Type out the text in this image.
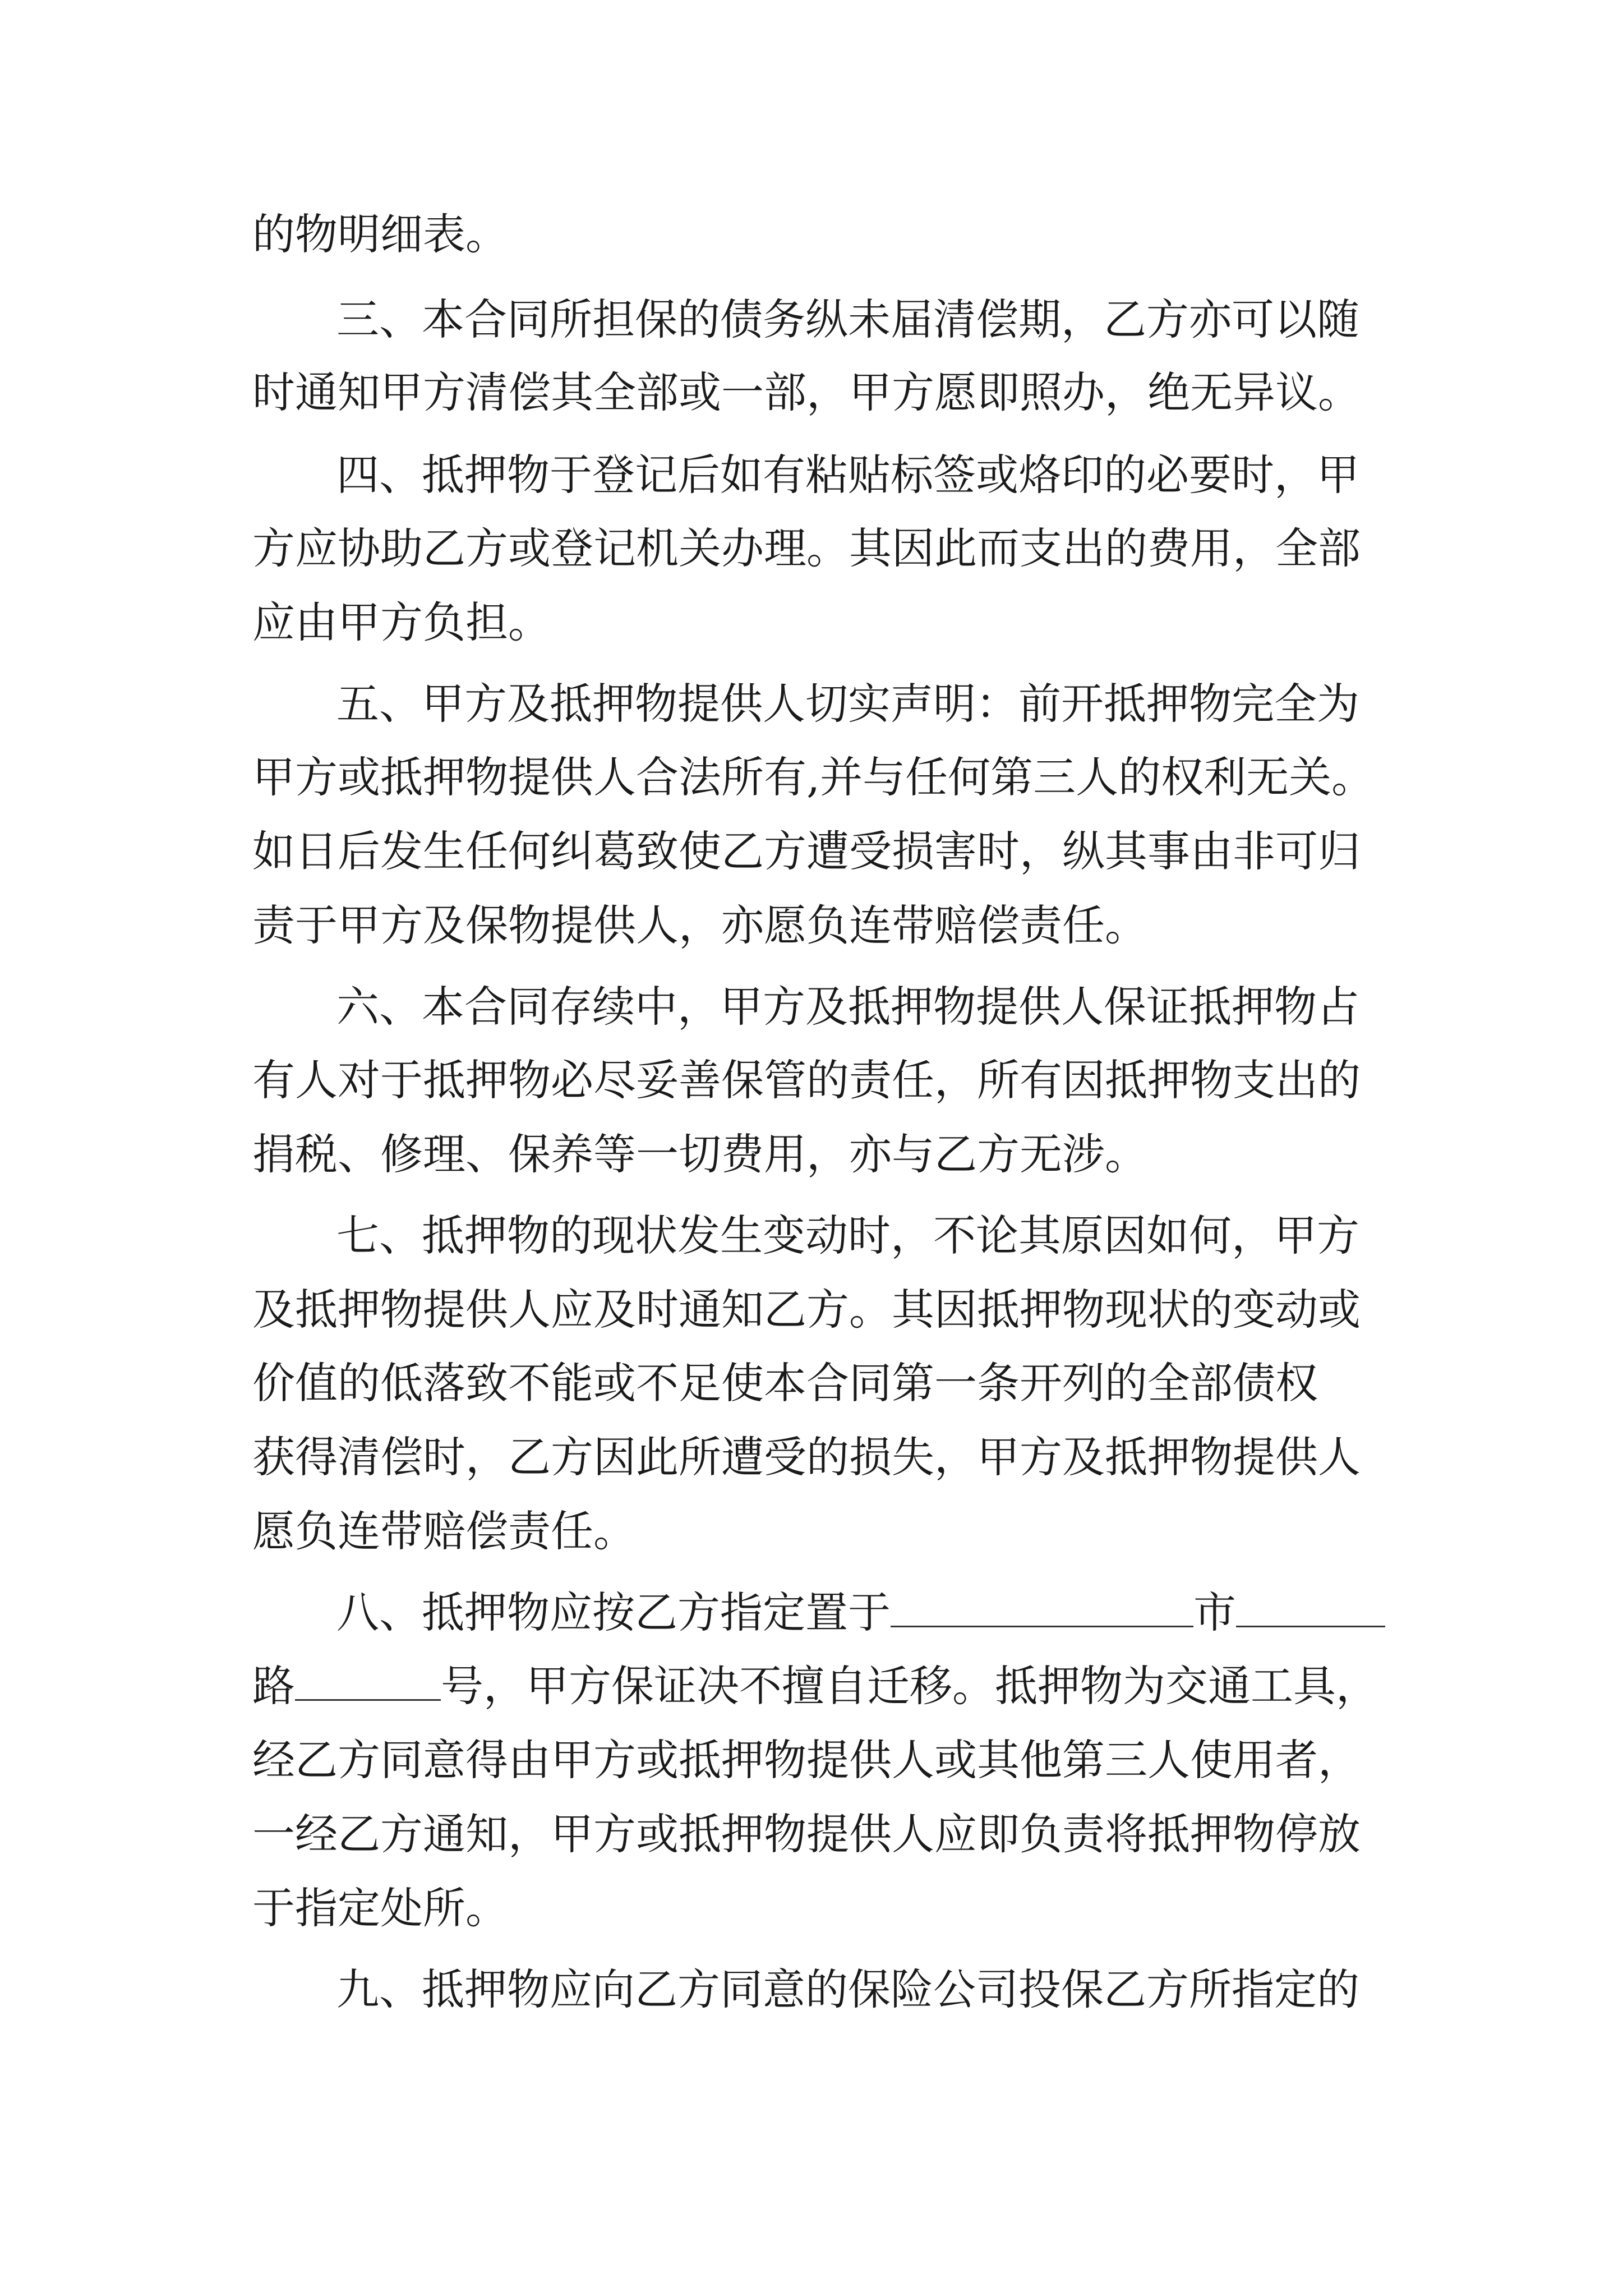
的物明细表。
三、本合同所担保的债务纵未届清偿期，乙方亦可以随
时通知甲方清偿其全部或一部，甲方愿即照办，绝无异议。
四、抵押物于登记后如有粘贴标签或烙印的必要时，甲
方应协助乙方或登记机关办理。其因此而支出的费用，全部
应由甲方负担。
五、甲方及抵押物提供人切实声明：前开抵押物完全为
甲方或抵押物提供人合法所有,并与任何第三人的权利无关。
如日后发生任何纠葛致使乙方遭受损害时，纵其事由非可归
责于甲方及保物提供人，亦愿负连带赔偿责任。
六、本合同存续中，甲方及抵押物提供人保证抵押物占
有人对于抵押物必尽妥善保管的责任，所有因抵押物支出的
捐税、修理、保养等一切费用，亦与乙方无涉。
七、抵押物的现状发生变动时，不论其原因如何，甲方
及抵押物提供人应及时通知乙方。其因抵押物现状的变动或
价值的低落致不能或不足使本合同第一条开列的全部债权
获得清偿时，乙方因此所遭受的损失，甲方及抵押物提供人
愿负连带赔偿责任。
八、抵押物应按乙方指定置于	市
路	号，甲方保证决不擅自迁移。抵押物为交通工具，
经乙方同意得由甲方或抵押物提供人或其他第三人使用者，
一经乙方通知，甲方或抵押物提供人应即负责将抵押物停放
于指定处所。
九、抵押物应向乙方同意的保险公司投保乙方所指定的
